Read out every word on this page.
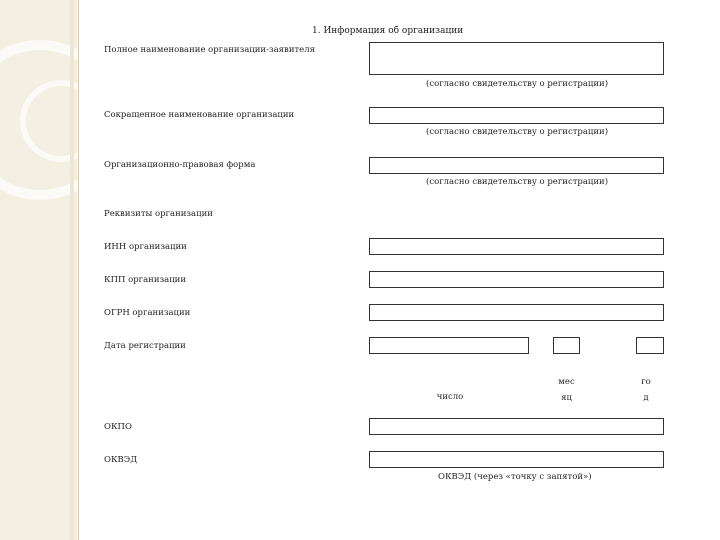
1. Информация об организации
Полное наименование организации-заявителя
(согласно свидетельству о регистрации)
Сокращенное наименование организации
(согласно свидетельству о регистрации)
Организационно-правовая форма
(согласно свидетельству о регистрации)
Реквизиты организации
ИНН организации
КПП организации
ОГРН организации
Дата регистрации
число
мес
яц
го
д
ОКПО
ОКВЭД
ОКВЭД (через «точку с запятой»)
